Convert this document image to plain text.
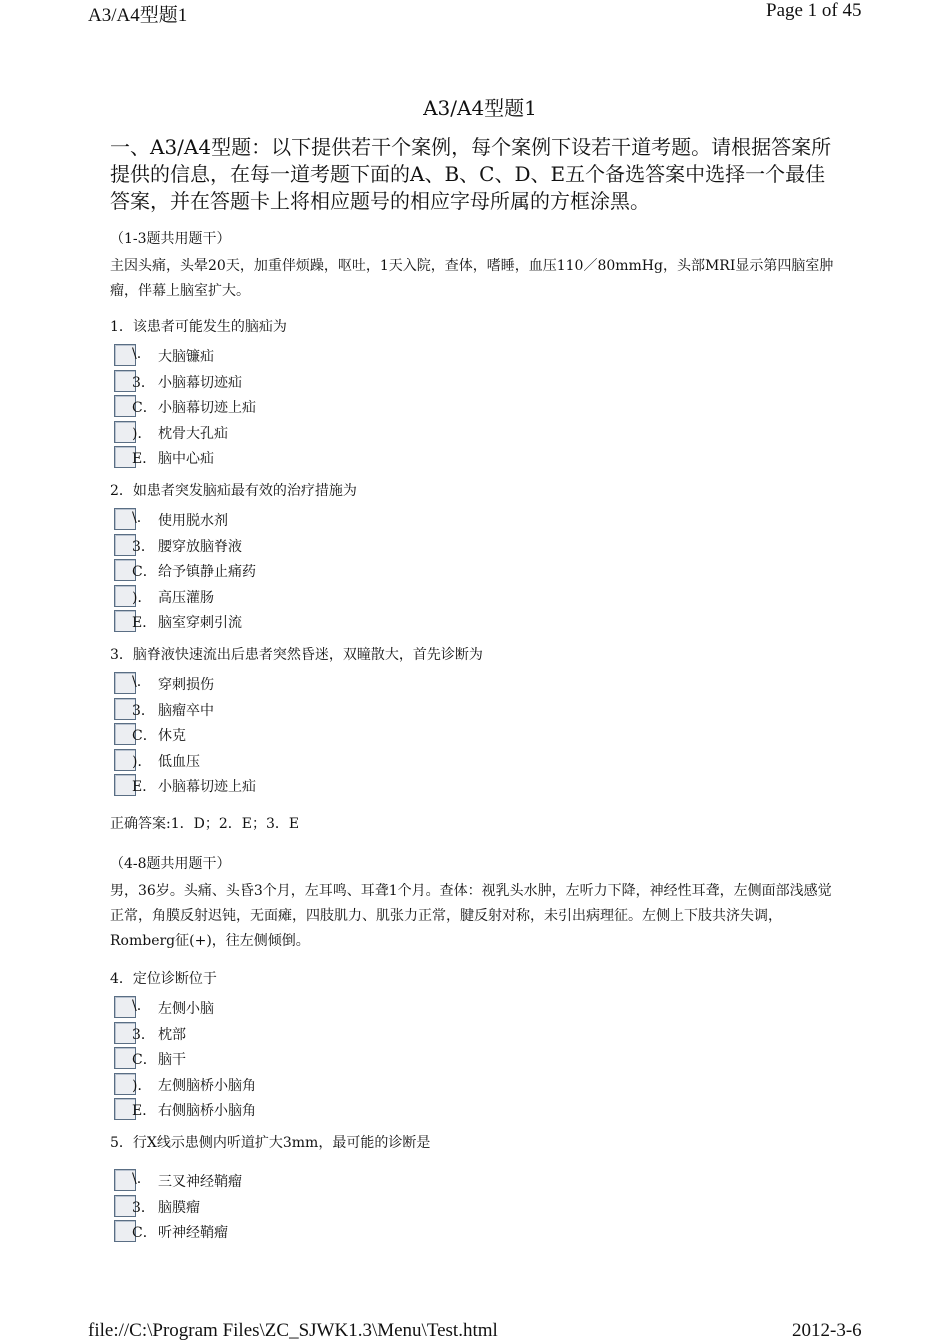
A3/A4型题1	Page 1 of 45
A3/A4型题1
一、A3/A4型题：以下提供若干个案例，每个案例下设若干道考题。请根据答案所提供的信息，在每一道考题下面的A、B、C、D、E五个备选答案中选择一个最佳答案，并在答题卡上将相应题号的相应字母所属的方框涂黑。
（1-3题共用题干）
主因头痛，头晕20天，加重伴烦躁，呕吐，1天入院，查体，嗜睡，血压110／80mmHg，头部MRI显示第四脑室肿瘤，伴幕上脑室扩大。
1．该患者可能发生的脑疝为
\. 大脑镰疝
3． 小脑幕切迹疝
C． 小脑幕切迹上疝
)． 枕骨大孔疝
E． 脑中心疝
2．如患者突发脑疝最有效的治疗措施为
\. 使用脱水剂
3． 腰穿放脑脊液
C． 给予镇静止痛药
)． 高压灌肠
E． 脑室穿刺引流
3．脑脊液快速流出后患者突然昏迷，双瞳散大，首先诊断为
\. 穿刺损伤
3． 脑瘤卒中
C． 休克
)． 低血压
E． 小脑幕切迹上疝
正确答案:1．D；2．E；3．E
（4-8题共用题干）
男，36岁。头痛、头昏3个月，左耳鸣、耳聋1个月。查体：视乳头水肿，左听力下降，神经性耳聋，左侧面部浅感觉正常，角膜反射迟钝，无面瘫，四肢肌力、肌张力正常，腱反射对称，未引出病理征。左侧上下肢共济失调，Romberg征(+)，往左侧倾倒。
4．定位诊断位于
\. 左侧小脑
3． 枕部
C． 脑干
)． 左侧脑桥小脑角
E． 右侧脑桥小脑角
5．行X线示患侧内听道扩大3mm，最可能的诊断是
\. 三叉神经鞘瘤
3． 脑膜瘤
C． 听神经鞘瘤
file://C:\Program Files\ZC_SJWK1.3\Menu\Test.html	2012-3-6
